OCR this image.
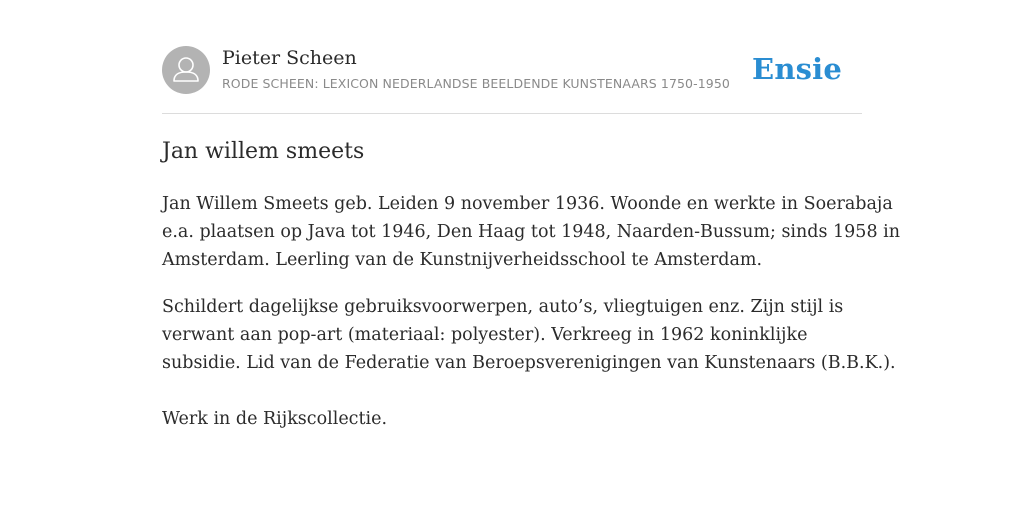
Pieter Scheen
RODE SCHEEN: LEXICON NEDERLANDSE BEELDENDE KUNSTENAARS 1750-1950 Ensie
Jan willem smeets

Jan Willem Smeets geb. Leiden 9 november 1936. Woonde en werkte in Soerabaja
e.a. plaatsen op Java tot 1946, Den Haag tot 1948, Naarden-Bussum; sinds 1958 in
Amsterdam. Leerling van de Kunstnijverheidsschool te Amsterdam.

Schildert dagelijkse gebruiksvoorwerpen, auto’s, vliegtuigen enz. Zijn stijl is
verwant aan pop-art (materiaal: polyester). Verkreeg in 1962 koninklijke
subsidie. Lid van de Federatie van Beroepsverenigingen van Kunstenaars (B.B.K.).

Werk in de Rijkscollectie.
